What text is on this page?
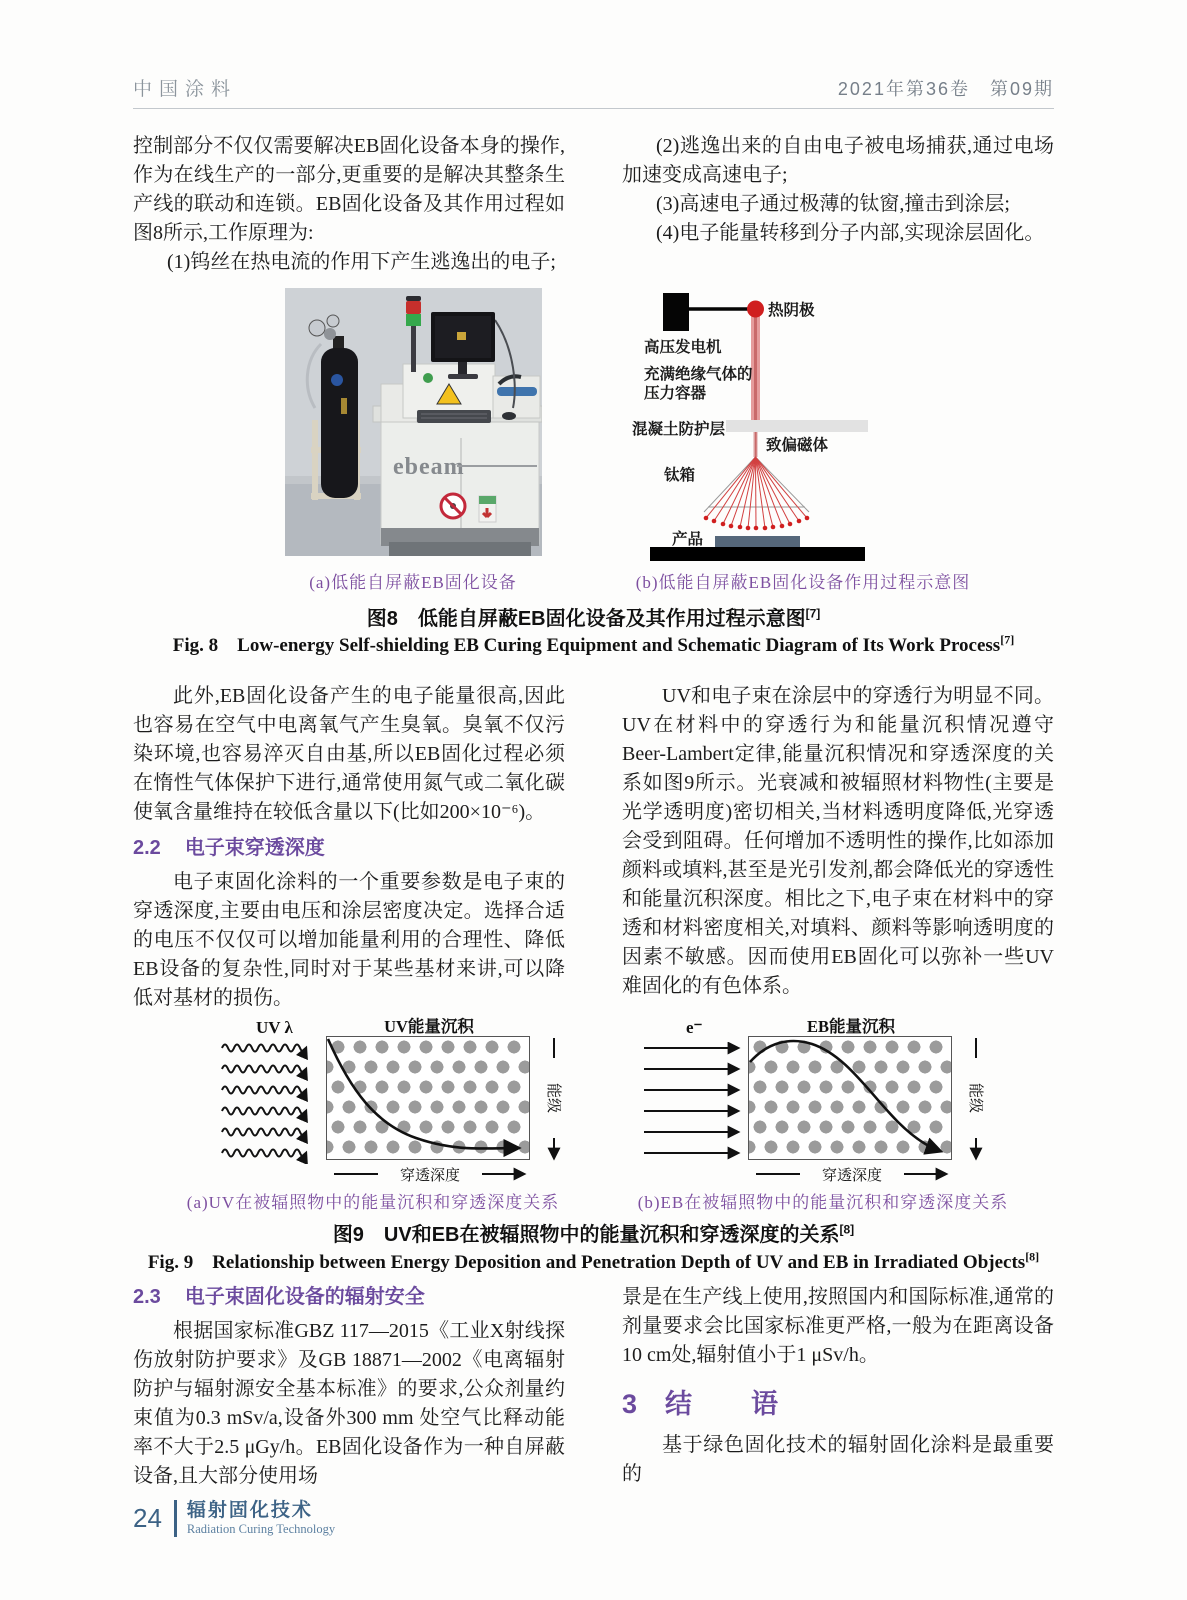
中国涂料	2021年第36卷　第09期

控制部分不仅仅需要解决EB固化设备本身的操作,作为在线生产的一部分,更重要的是解决其整条生产线的联动和连锁。EB固化设备及其作用过程如图8所示,工作原理为:

(1)钨丝在热电流的作用下产生逃逸出的电子;

(2)逃逸出来的自由电子被电场捕获,通过电场加速变成高速电子;

(3)高速电子通过极薄的钛窗,撞击到涂层;

(4)电子能量转移到分子内部,实现涂层固化。

ebeam
热阴极
高压发电机
充满绝缘气体的
压力容器
混凝土防护层
致偏磁体
钛箱
产品
(a)低能自屏蔽EB固化设备	(b)低能自屏蔽EB固化设备作用过程示意图
图8　低能自屏蔽EB固化设备及其作用过程示意图[7]
Fig. 8　Low-energy Self-shielding EB Curing Equipment and Schematic Diagram of Its Work Process[7]

此外,EB固化设备产生的电子能量很高,因此也容易在空气中电离氧气产生臭氧。臭氧不仅污染环境,也容易淬灭自由基,所以EB固化过程必须在惰性气体保护下进行,通常使用氮气或二氧化碳使氧含量维持在较低含量以下(比如200×10⁻⁶)。

2.2 电子束穿透深度

电子束固化涂料的一个重要参数是电子束的穿透深度,主要由电压和涂层密度决定。选择合适的电压不仅仅可以增加能量利用的合理性、降低EB设备的复杂性,同时对于某些基材来讲,可以降低对基材的损伤。

UV和电子束在涂层中的穿透行为明显不同。UV在材料中的穿透行为和能量沉积情况遵守Beer-Lambert定律,能量沉积情况和穿透深度的关系如图9所示。光衰减和被辐照材料物性(主要是光学透明度)密切相关,当材料透明度降低,光穿透会受到阻碍。任何增加不透明性的操作,比如添加颜料或填料,甚至是光引发剂,都会降低光的穿透性和能量沉积深度。相比之下,电子束在材料中的穿透和材料密度相关,对填料、颜料等影响透明度的因素不敏感。因而使用EB固化可以弥补一些UV难固化的有色体系。

UV λ	UV能量沉积
能级
穿透深度
e⁻	EB能量沉积
能级
穿透深度
(a)UV在被辐照物中的能量沉积和穿透深度关系	(b)EB在被辐照物中的能量沉积和穿透深度关系
图9　UV和EB在被辐照物中的能量沉积和穿透深度的关系[8]
Fig. 9　Relationship between Energy Deposition and Penetration Depth of UV and EB in Irradiated Objects[8]
2.3 电子束固化设备的辐射安全

根据国家标准GBZ 117—2015《工业X射线探伤放射防护要求》及GB 18871—2002《电离辐射防护与辐射源安全基本标准》的要求,公众剂量约束值为0.3 mSv/a,设备外300 mm 处空气比释动能率不大于2.5 μGy/h。EB固化设备作为一种自屏蔽设备,且大部分使用场

景是在生产线上使用,按照国内和国际标准,通常的剂量要求会比国家标准更严格,一般为在距离设备10 cm处,辐射值小于1 μSv/h。

3 结　语

基于绿色固化技术的辐射固化涂料是最重要的

24 辐射固化技术
Radiation Curing Technology
